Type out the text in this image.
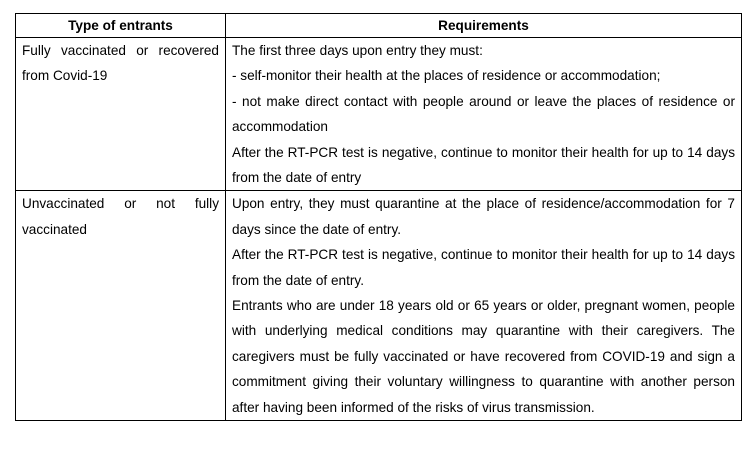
Type of entrants	Requirements

Fully vaccinated or recovered from Covid-19	The first three days upon entry they must:

- self-monitor their health at the places of residence or accommodation;

- not make direct contact with people around or leave the places of residence or accommodation

After the RT-PCR test is negative, continue to monitor their health for up to 14 days from the date of entry

Unvaccinated or not fully vaccinated	Upon entry, they must quarantine at the place of residence/accommodation for 7 days since the date of entry.

After the RT-PCR test is negative, continue to monitor their health for up to 14 days from the date of entry.

Entrants who are under 18 years old or 65 years or older, pregnant women, people with underlying medical conditions may quarantine with their caregivers. The caregivers must be fully vaccinated or have recovered from COVID-19 and sign a commitment giving their voluntary willingness to quarantine with another person after having been informed of the risks of virus transmission.
